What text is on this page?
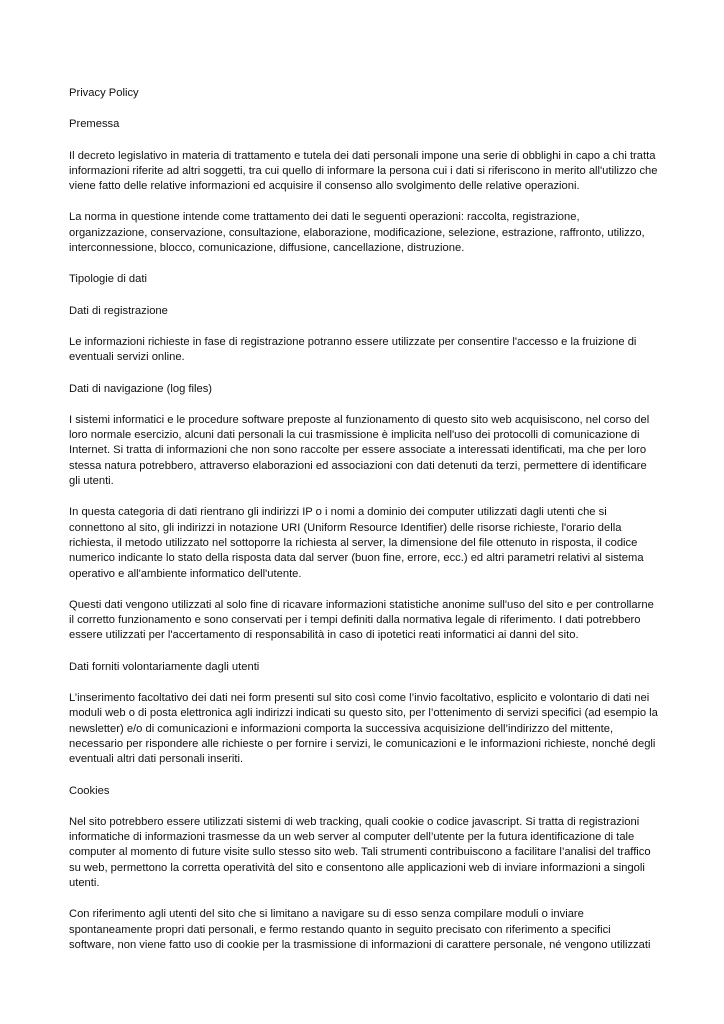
Privacy Policy
Premessa

Il decreto legislativo in materia di trattamento e tutela dei dati personali impone una serie di obblighi in capo a chi tratta informazioni riferite ad altri soggetti, tra cui quello di informare la persona cui i dati si riferiscono in merito all'utilizzo che viene fatto delle relative informazioni ed acquisire il consenso allo svolgimento delle relative operazioni.

La norma in questione intende come trattamento dei dati le seguenti operazioni: raccolta, registrazione, organizzazione, conservazione, consultazione, elaborazione, modificazione, selezione, estrazione, raffronto, utilizzo, interconnessione, blocco, comunicazione, diffusione, cancellazione, distruzione.

Tipologie di dati
Dati di registrazione

Le informazioni richieste in fase di registrazione potranno essere utilizzate per consentire l'accesso e la fruizione di eventuali servizi online.

Dati di navigazione (log files)

I sistemi informatici e le procedure software preposte al funzionamento di questo sito web acquisiscono, nel corso del loro normale esercizio, alcuni dati personali la cui trasmissione è implicita nell'uso dei protocolli di comunicazione di Internet. Si tratta di informazioni che non sono raccolte per essere associate a interessati identificati, ma che per loro stessa natura potrebbero, attraverso elaborazioni ed associazioni con dati detenuti da terzi, permettere di identificare gli utenti.

In questa categoria di dati rientrano gli indirizzi IP o i nomi a dominio dei computer utilizzati dagli utenti che si connettono al sito, gli indirizzi in notazione URI (Uniform Resource Identifier) delle risorse richieste, l'orario della richiesta, il metodo utilizzato nel sottoporre la richiesta al server, la dimensione del file ottenuto in risposta, il codice numerico indicante lo stato della risposta data dal server (buon fine, errore, ecc.) ed altri parametri relativi al sistema operativo e all'ambiente informatico dell'utente.

Questi dati vengono utilizzati al solo fine di ricavare informazioni statistiche anonime sull'uso del sito e per controllarne il corretto funzionamento e sono conservati per i tempi definiti dalla normativa legale di riferimento. I dati potrebbero essere utilizzati per l'accertamento di responsabilità in caso di ipotetici reati informatici ai danni del sito.

Dati forniti volontariamente dagli utenti

L’inserimento facoltativo dei dati nei form presenti sul sito così come l’invio facoltativo, esplicito e volontario di dati nei moduli web o di posta elettronica agli indirizzi indicati su questo sito, per l’ottenimento di servizi specifici (ad esempio la newsletter) e/o di comunicazioni e informazioni comporta la successiva acquisizione dell’indirizzo del mittente, necessario per rispondere alle richieste o per fornire i servizi, le comunicazioni e le informazioni richieste, nonché degli eventuali altri dati personali inseriti.

Cookies

Nel sito potrebbero essere utilizzati sistemi di web tracking, quali cookie o codice javascript. Si tratta di registrazioni informatiche di informazioni trasmesse da un web server al computer dell’utente per la futura identificazione di tale computer al momento di future visite sullo stesso sito web. Tali strumenti contribuiscono a facilitare l’analisi del traffico su web, permettono la corretta operatività del sito e consentono alle applicazioni web di inviare informazioni a singoli utenti.

Con riferimento agli utenti del sito che si limitano a navigare su di esso senza compilare moduli o inviare spontaneamente propri dati personali, e fermo restando quanto in seguito precisato con riferimento a specifici software, non viene fatto uso di cookie per la trasmissione di informazioni di carattere personale, né vengono utilizzati
